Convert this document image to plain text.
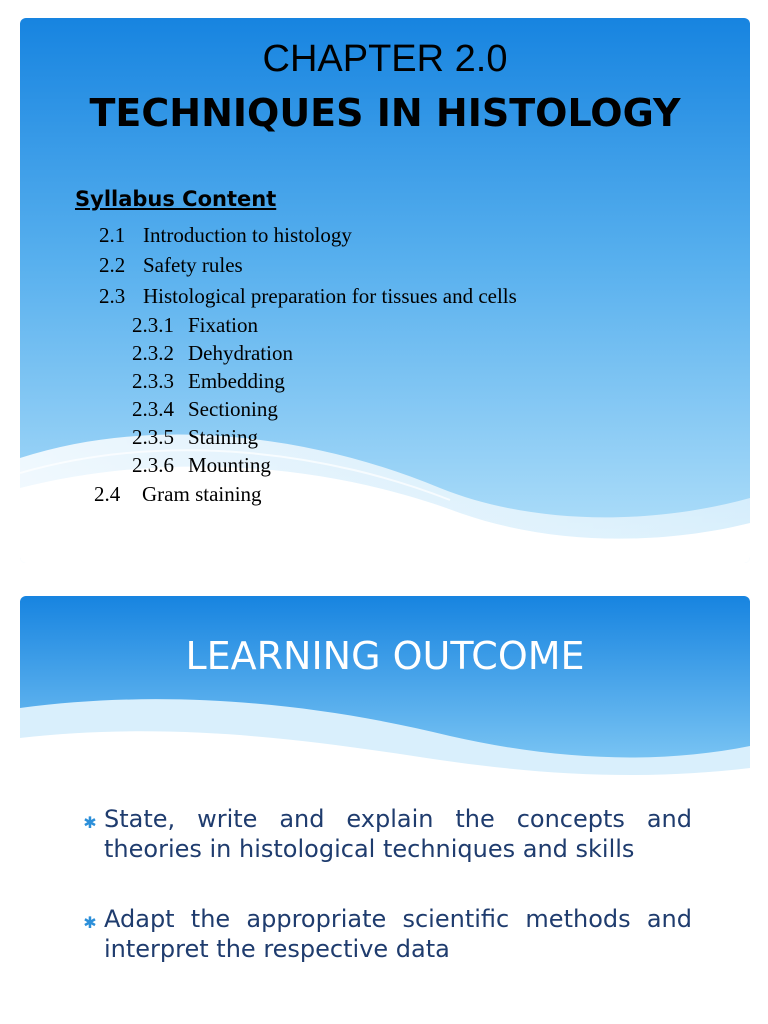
CHAPTER 2.0
TECHNIQUES IN HISTOLOGY
Syllabus Content
2.1 Introduction to histology
2.2 Safety rules
2.3 Histological preparation for tissues and cells
2.3.1 Fixation
2.3.2 Dehydration
2.3.3 Embedding
2.3.4 Sectioning
2.3.5 Staining
2.3.6 Mounting
2.4 Gram staining
LEARNING OUTCOME
✱ State, write and explain the concepts and theories in histological techniques and skills
✱ Adapt the appropriate scientific methods and interpret the respective data
